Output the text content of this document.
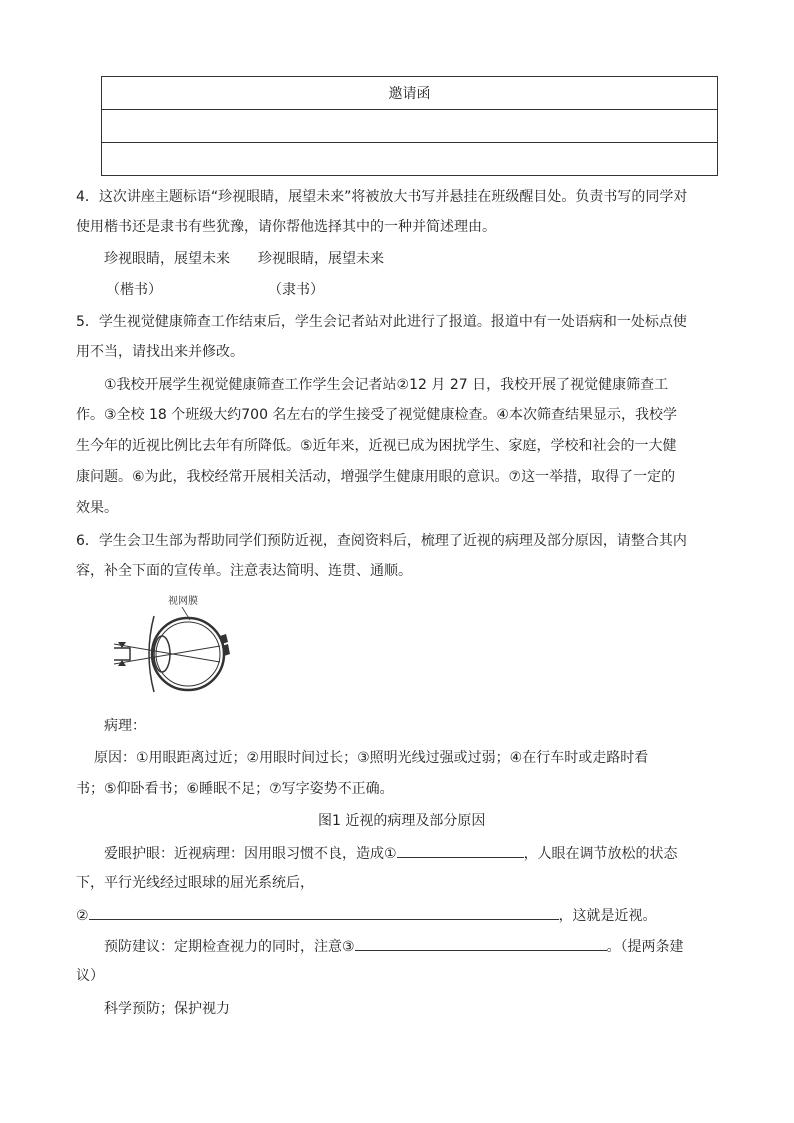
邀请函

4．这次讲座主题标语“珍视眼睛，展望未来”将被放大书写并悬挂在班级醒目处。负责书写的同学对
使用楷书还是隶书有些犹豫，请你帮他选择其中的一种并简述理由。
珍视眼睛，展望未来 珍视眼睛，展望未来
（楷书）	（隶书）
5．学生视觉健康筛查工作结束后，学生会记者站对此进行了报道。报道中有一处语病和一处标点使
用不当，请找出来并修改。
①我校开展学生视觉健康筛查工作学生会记者站②12 月 27 日，我校开展了视觉健康筛查工
作。③全校 18 个班级大约700 名左右的学生接受了视觉健康检查。④本次筛查结果显示，我校学
生今年的近视比例比去年有所降低。⑤近年来，近视已成为困扰学生、家庭，学校和社会的一大健
康问题。⑥为此，我校经常开展相关活动，增强学生健康用眼的意识。⑦这一举措，取得了一定的
效果。
6．学生会卫生部为帮助同学们预防近视，查阅资料后，梳理了近视的病理及部分原因，请整合其内
容，补全下面的宣传单。注意表达简明、连贯、通顺。
视网膜
病理：
原因：①用眼距离过近；②用眼时间过长；③照明光线过强或过弱；④在行车时或走路时看
书；⑤仰卧看书；⑥睡眠不足；⑦写字姿势不正确。
图1 近视的病理及部分原因
爱眼护眼：近视病理：因用眼习惯不良，造成①	，人眼在调节放松的状态
下，平行光线经过眼球的屈光系统后，
②	，这就是近视。
预防建议：定期检查视力的同时，注意③	。（提两条建
议）
科学预防；保护视力
